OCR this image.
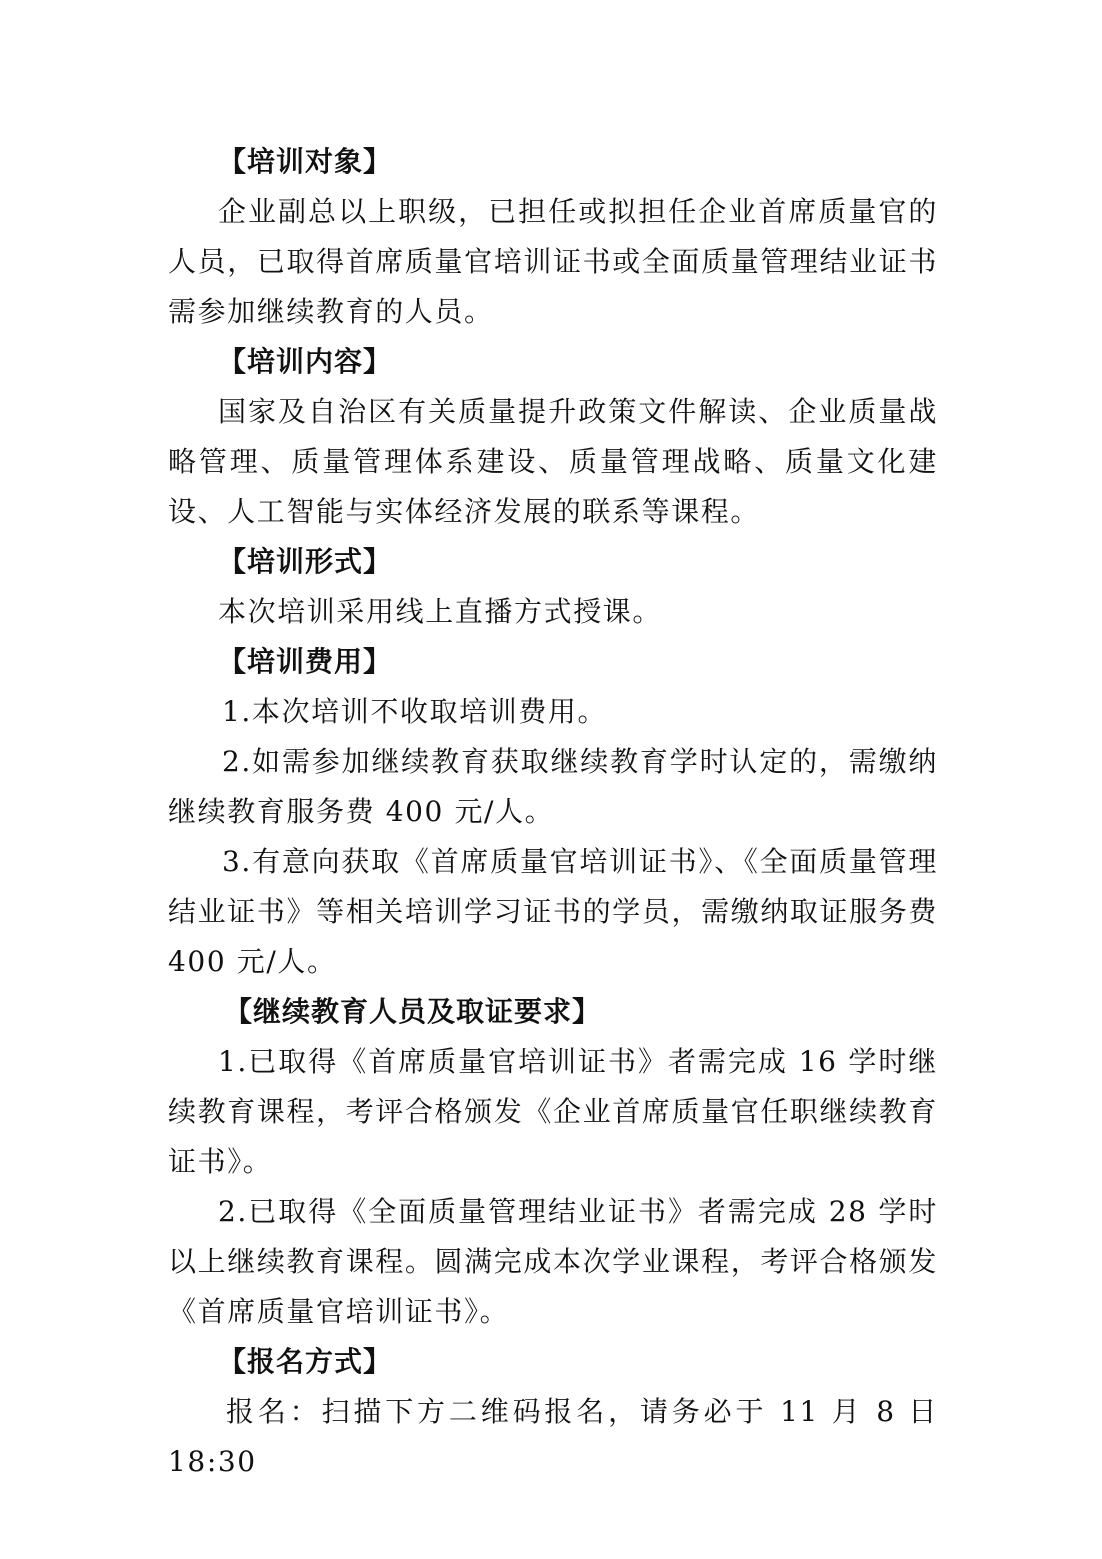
【培训对象】
企业副总以上职级，已担任或拟担任企业首席质量官的人员，已取得首席质量官培训证书或全面质量管理结业证书需参加继续教育的人员。
【培训内容】
国家及自治区有关质量提升政策文件解读、企业质量战略管理、质量管理体系建设、质量管理战略、质量文化建设、人工智能与实体经济发展的联系等课程。
【培训形式】
本次培训采用线上直播方式授课。
【培训费用】
1.本次培训不收取培训费用。
2.如需参加继续教育获取继续教育学时认定的，需缴纳继续教育服务费 400 元/人。
3.有意向获取《首席质量官培训证书》、《全面质量管理结业证书》等相关培训学习证书的学员，需缴纳取证服务费 400 元/人。
【继续教育人员及取证要求】
1.已取得《首席质量官培训证书》者需完成 16 学时继续教育课程，考评合格颁发《企业首席质量官任职继续教育证书》。
2.已取得《全面质量管理结业证书》者需完成 28 学时以上继续教育课程。圆满完成本次学业课程，考评合格颁发《首席质量官培训证书》。
【报名方式】
报名：扫描下方二维码报名，请务必于 11 月 8 日 18:30
